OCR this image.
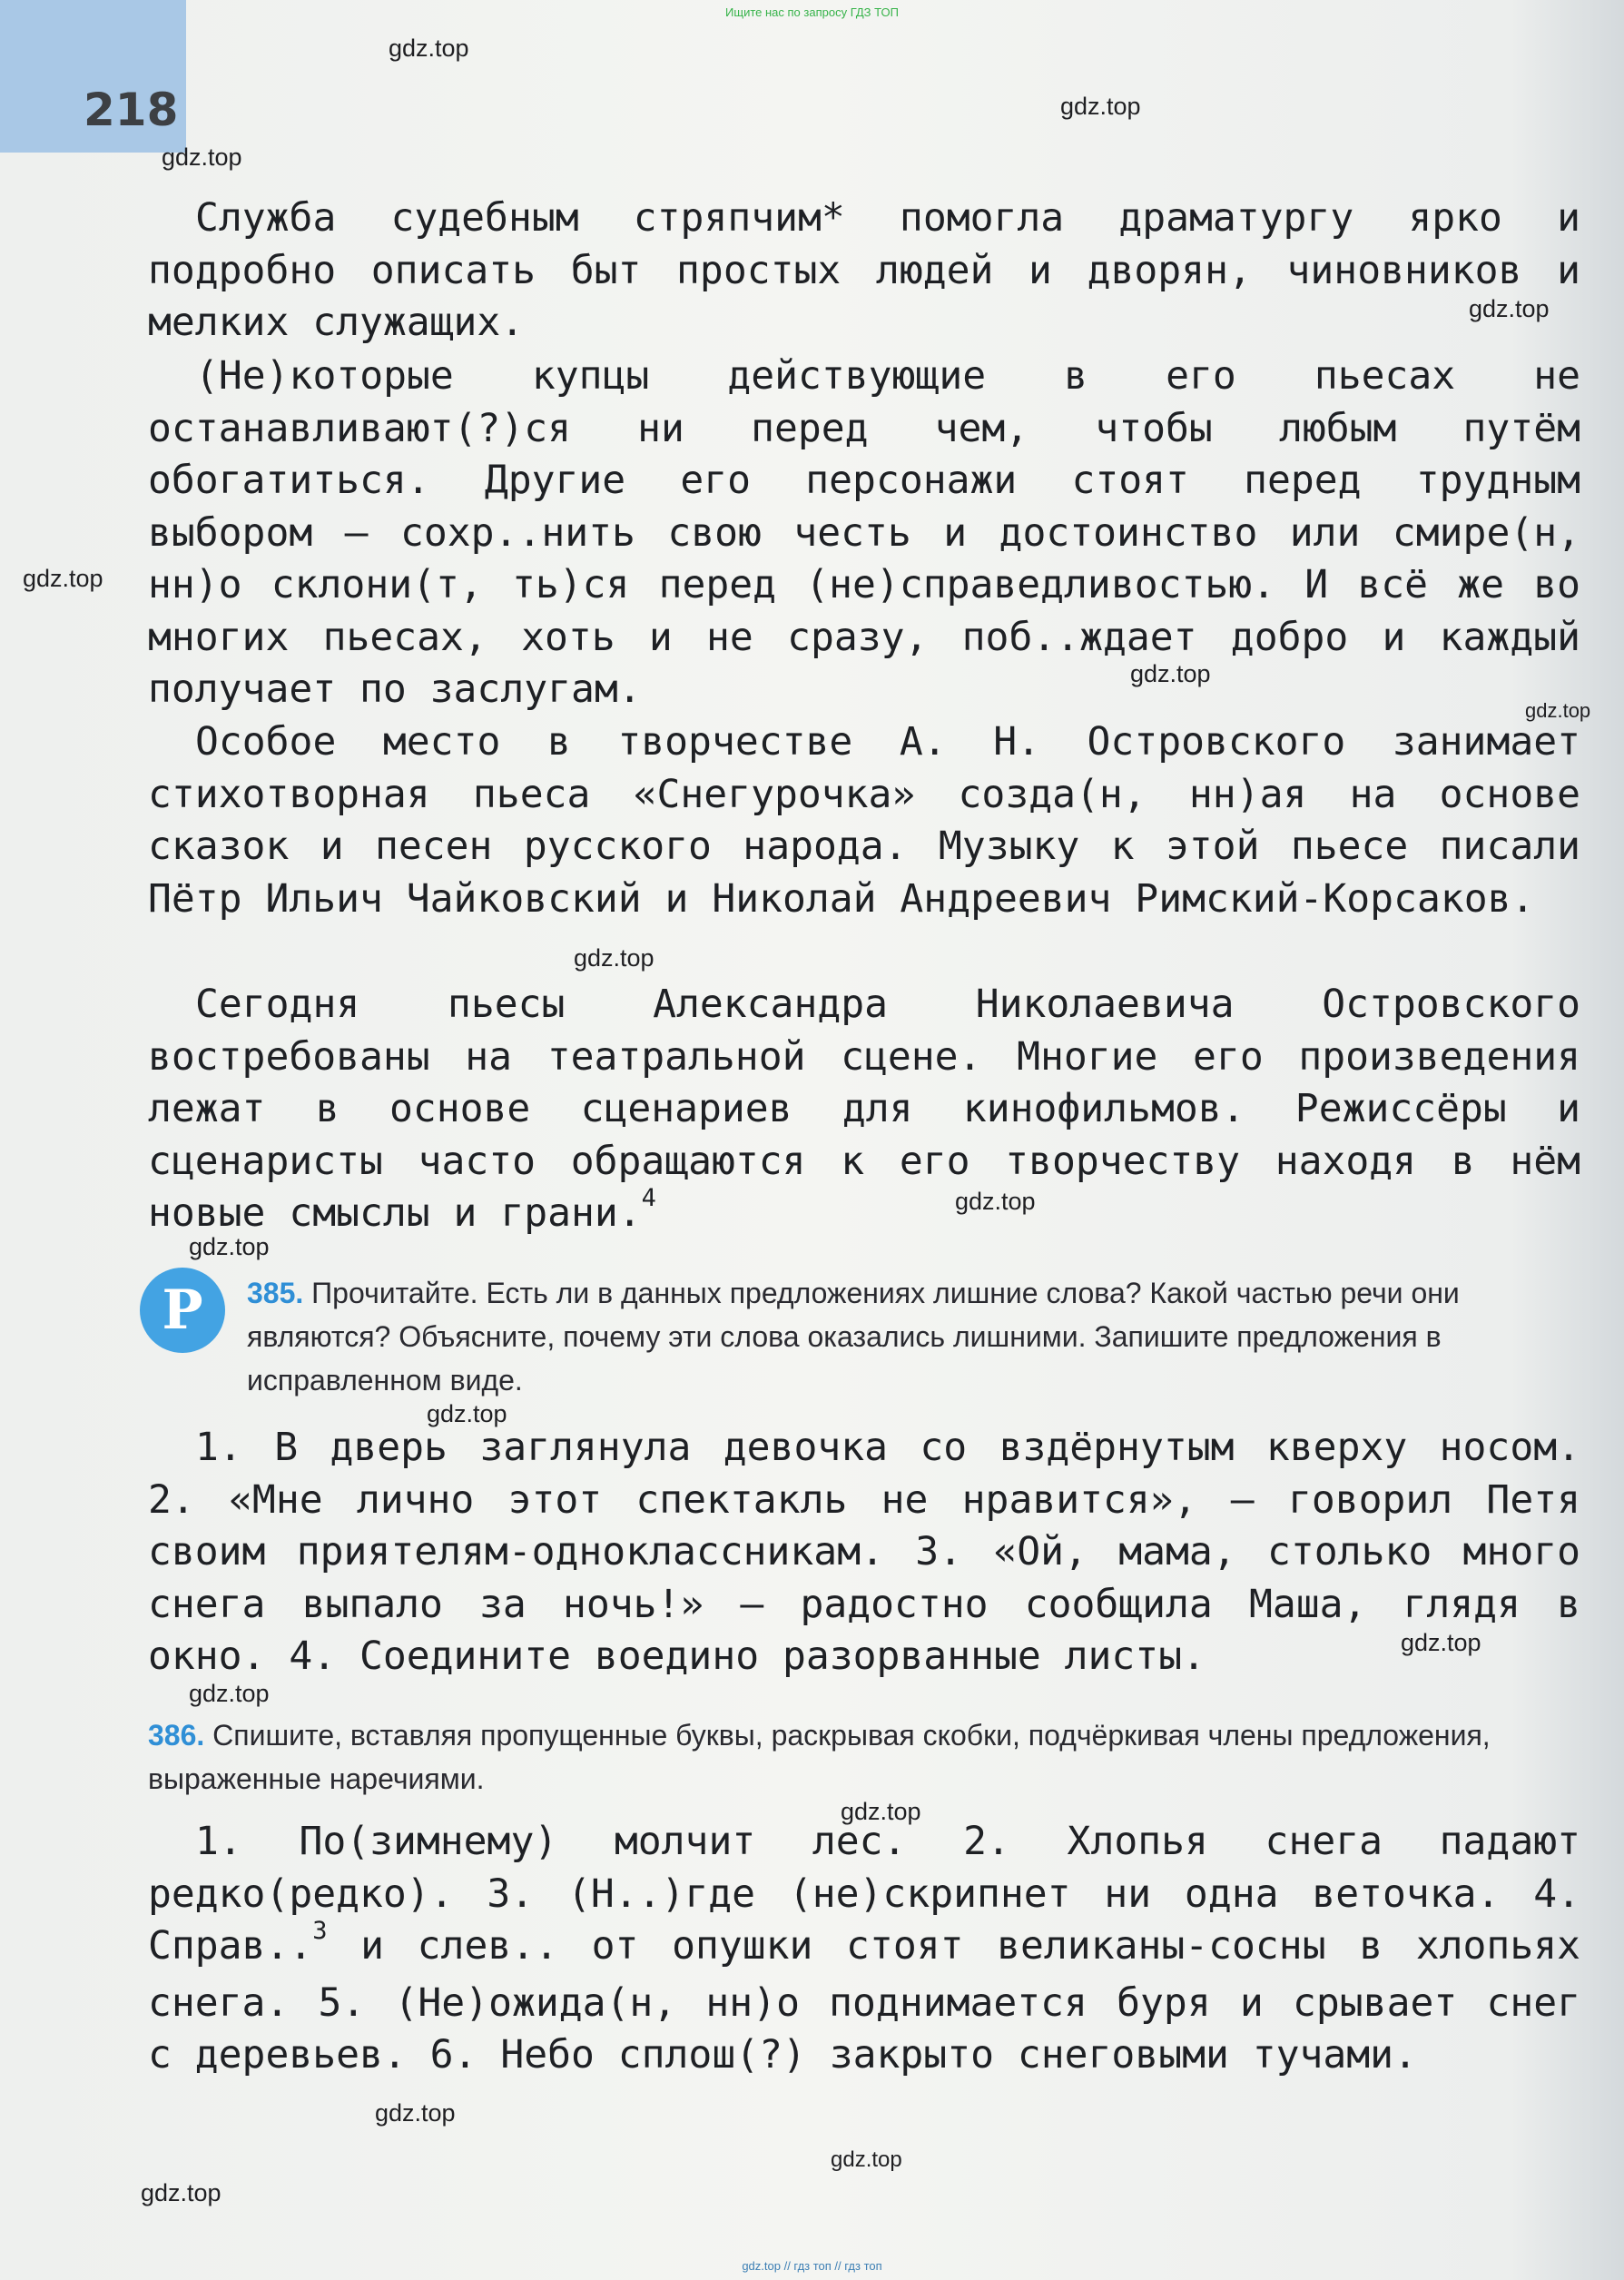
218
Ищите нас по запросу ГДЗ ТОП
gdz.top
gdz.top
gdz.top
gdz.top
gdz.top
gdz.top
gdz.top
gdz.top
gdz.top
gdz.top
gdz.top
gdz.top
gdz.top
gdz.top
gdz.top
gdz.top
gdz.top

Служба судебным стряпчим* помогла драматургу ярко и подробно описать быт простых людей и дворян, чиновников и мелких служащих.

(Не)которые купцы действующие в его пьесах не останавливают(?)ся ни перед чем, чтобы любым путём обогатиться. Другие его персонажи стоят перед трудным выбором — сохр..нить свою честь и достоинство или смире(н, нн)о склони(т, ть)ся перед (не)справедливостью. И всё же во многих пьесах, хоть и не сразу, поб..ждает добро и каждый получает по заслугам.

Особое место в творчестве А. Н. Островского занимает стихотворная пьеса «Снегурочка» созда(н, нн)ая на основе сказок и песен русского народа. Музыку к этой пьесе писали Пётр Ильич Чайковский и Николай Андреевич Римский-Корсаков.

Сегодня пьесы Александра Николаевича Островского востребованы на театральной сцене. Многие его произведения лежат в основе сценариев для кинофильмов. Режиссёры и сценаристы часто обращаются к его творчеству находя в нём новые смыслы и грани.$^4$

Р	385. Прочитайте. Есть ли в данных предложениях лишние слова? Какой частью речи они являются? Объясните, почему эти слова оказались лишними. Запишите предложения в исправленном виде.

1. В дверь заглянула девочка со вздёрнутым кверху носом. 2. «Мне лично этот спектакль не нравится», — говорил Петя своим приятелям-одноклассникам. 3. «Ой, мама, столько много снега выпало за ночь!» — радостно сообщила Маша, глядя в окно. 4. Соедините воедино разорванные листы.

386. Спишите, вставляя пропущенные буквы, раскрывая скобки, подчёркивая члены предложения, выраженные наречиями.

1. По(зимнему) молчит лес. 2. Хлопья снега падают редко(редко). 3. (Н..)где (не)скрипнет ни одна веточка. 4. Справ..$^3$ и слев.. от опушки стоят великаны-сосны в хлопьях снега. 5. (Не)ожида(н, нн)о поднимается буря и срывает снег с деревьев. 6. Небо сплош(?) закрыто снеговыми тучами.

gdz.top // гдз топ // гдз топ
